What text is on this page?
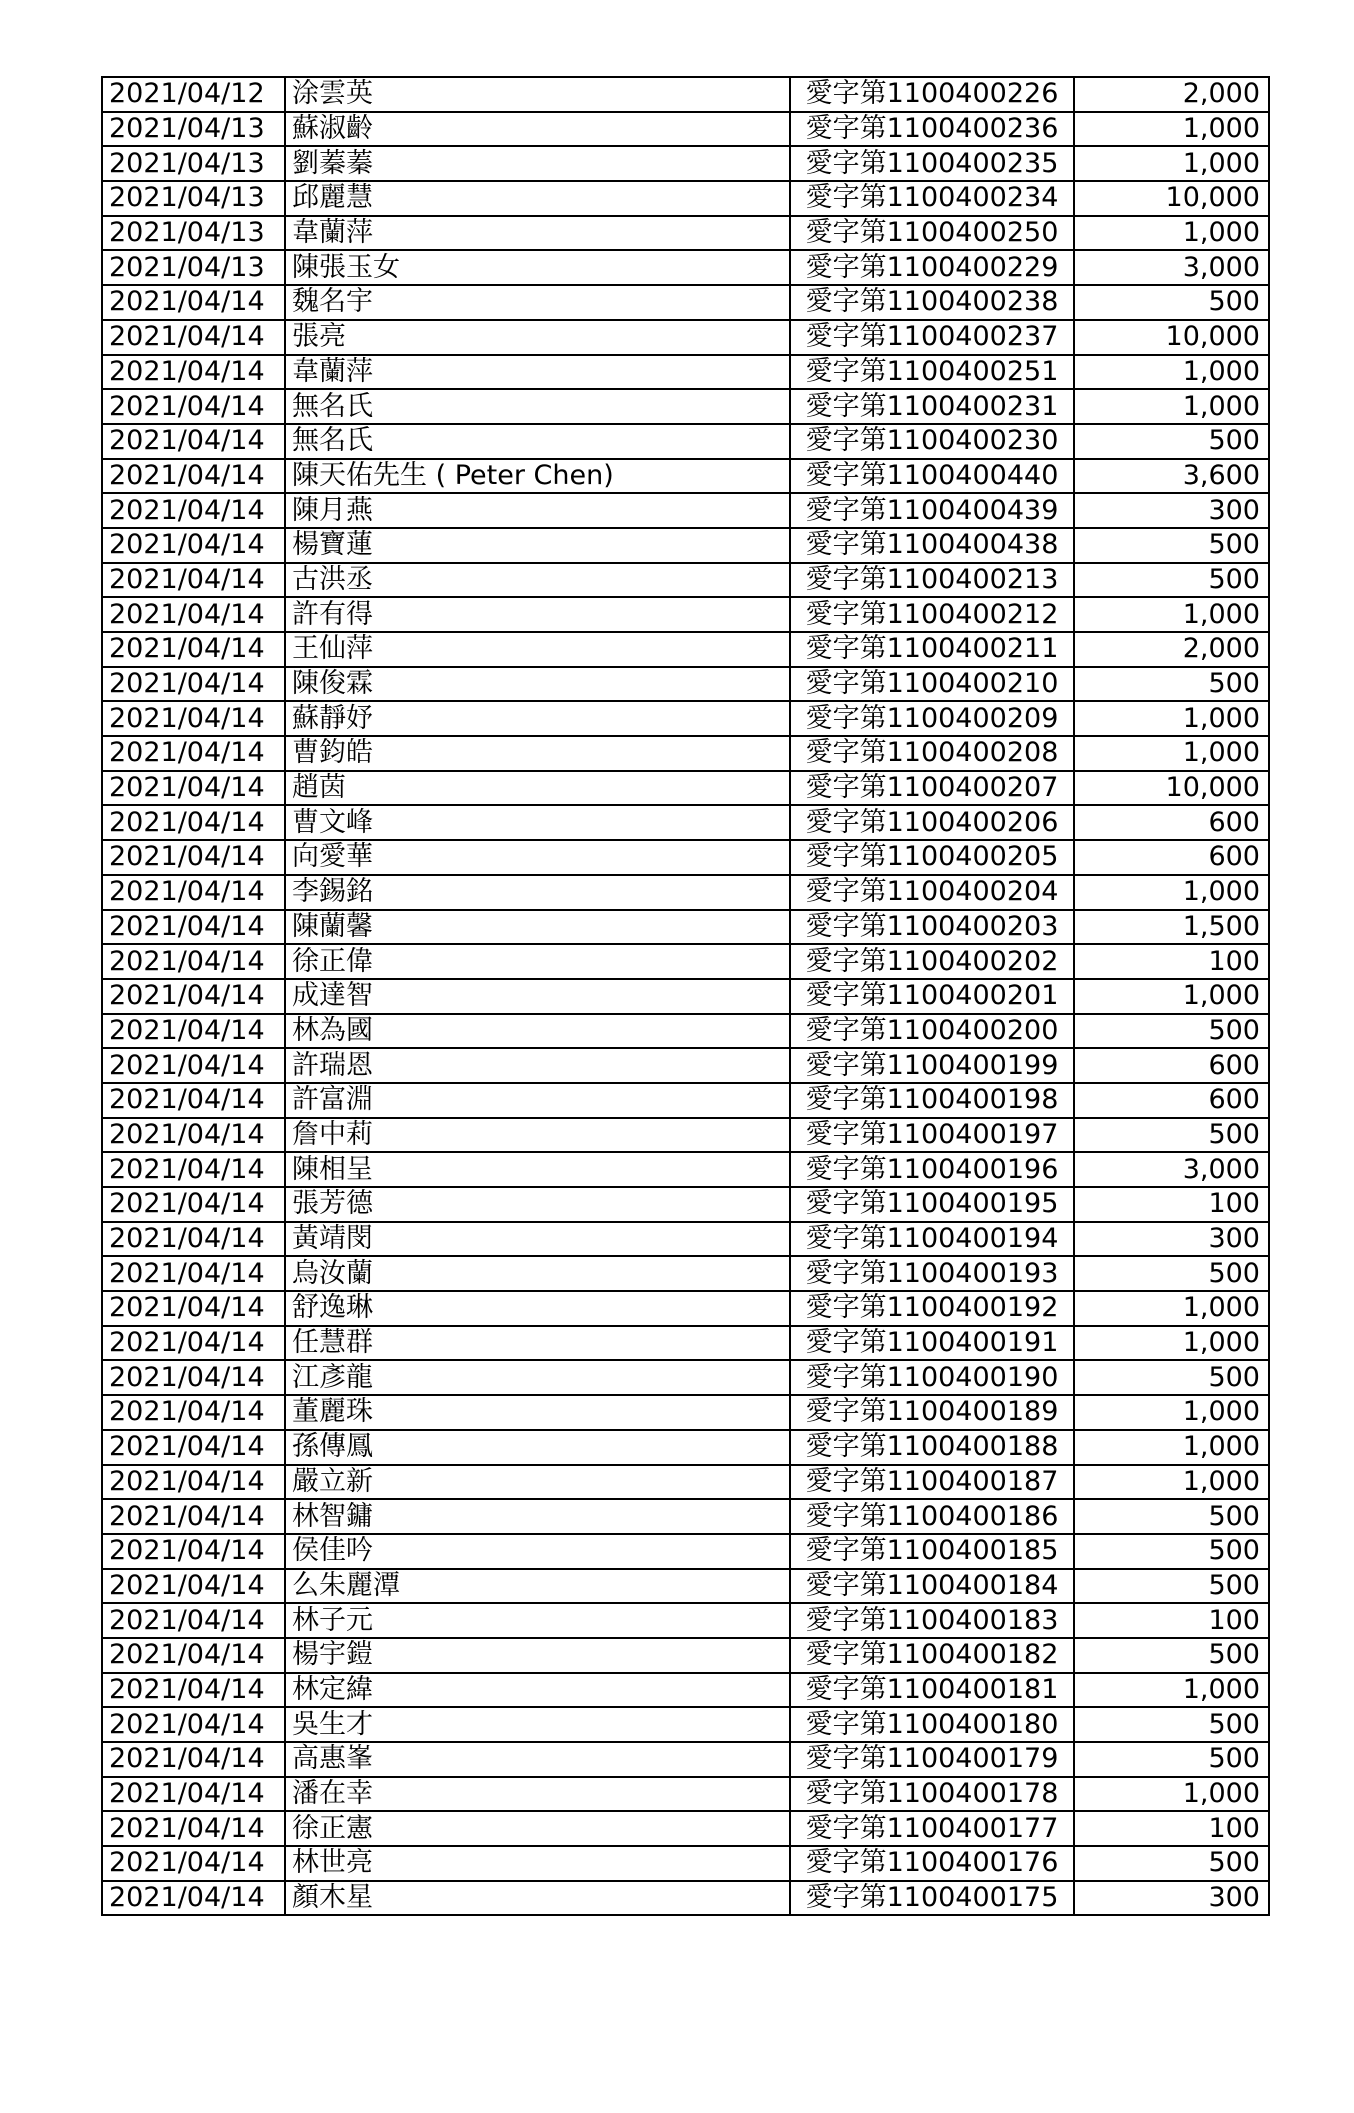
2021/04/12	涂雲英	愛字第1100400226	2,000
2021/04/13	蘇淑齡	愛字第1100400236	1,000
2021/04/13	劉蓁蓁	愛字第1100400235	1,000
2021/04/13	邱麗慧	愛字第1100400234	10,000
2021/04/13	韋蘭萍	愛字第1100400250	1,000
2021/04/13	陳張玉女	愛字第1100400229	3,000
2021/04/14	魏名宇	愛字第1100400238	500
2021/04/14	張亮	愛字第1100400237	10,000
2021/04/14	韋蘭萍	愛字第1100400251	1,000
2021/04/14	無名氏	愛字第1100400231	1,000
2021/04/14	無名氏	愛字第1100400230	500
2021/04/14	陳天佑先生 ( Peter Chen)	愛字第1100400440	3,600
2021/04/14	陳月燕	愛字第1100400439	300
2021/04/14	楊寶蓮	愛字第1100400438	500
2021/04/14	古洪丞	愛字第1100400213	500
2021/04/14	許有得	愛字第1100400212	1,000
2021/04/14	王仙萍	愛字第1100400211	2,000
2021/04/14	陳俊霖	愛字第1100400210	500
2021/04/14	蘇靜妤	愛字第1100400209	1,000
2021/04/14	曹鈞皓	愛字第1100400208	1,000
2021/04/14	趙茵	愛字第1100400207	10,000
2021/04/14	曹文峰	愛字第1100400206	600
2021/04/14	向愛華	愛字第1100400205	600
2021/04/14	李錫銘	愛字第1100400204	1,000
2021/04/14	陳蘭馨	愛字第1100400203	1,500
2021/04/14	徐正偉	愛字第1100400202	100
2021/04/14	成達智	愛字第1100400201	1,000
2021/04/14	林為國	愛字第1100400200	500
2021/04/14	許瑞恩	愛字第1100400199	600
2021/04/14	許富淵	愛字第1100400198	600
2021/04/14	詹中莉	愛字第1100400197	500
2021/04/14	陳相呈	愛字第1100400196	3,000
2021/04/14	張芳德	愛字第1100400195	100
2021/04/14	黃靖閔	愛字第1100400194	300
2021/04/14	烏汝蘭	愛字第1100400193	500
2021/04/14	舒逸琳	愛字第1100400192	1,000
2021/04/14	任慧群	愛字第1100400191	1,000
2021/04/14	江彥龍	愛字第1100400190	500
2021/04/14	董麗珠	愛字第1100400189	1,000
2021/04/14	孫傳鳳	愛字第1100400188	1,000
2021/04/14	嚴立新	愛字第1100400187	1,000
2021/04/14	林智鏞	愛字第1100400186	500
2021/04/14	侯佳吟	愛字第1100400185	500
2021/04/14	么朱麗潭	愛字第1100400184	500
2021/04/14	林子元	愛字第1100400183	100
2021/04/14	楊宇鎧	愛字第1100400182	500
2021/04/14	林定緯	愛字第1100400181	1,000
2021/04/14	吳生才	愛字第1100400180	500
2021/04/14	高惠峯	愛字第1100400179	500
2021/04/14	潘在幸	愛字第1100400178	1,000
2021/04/14	徐正憲	愛字第1100400177	100
2021/04/14	林世亮	愛字第1100400176	500
2021/04/14	顏木星	愛字第1100400175	300
